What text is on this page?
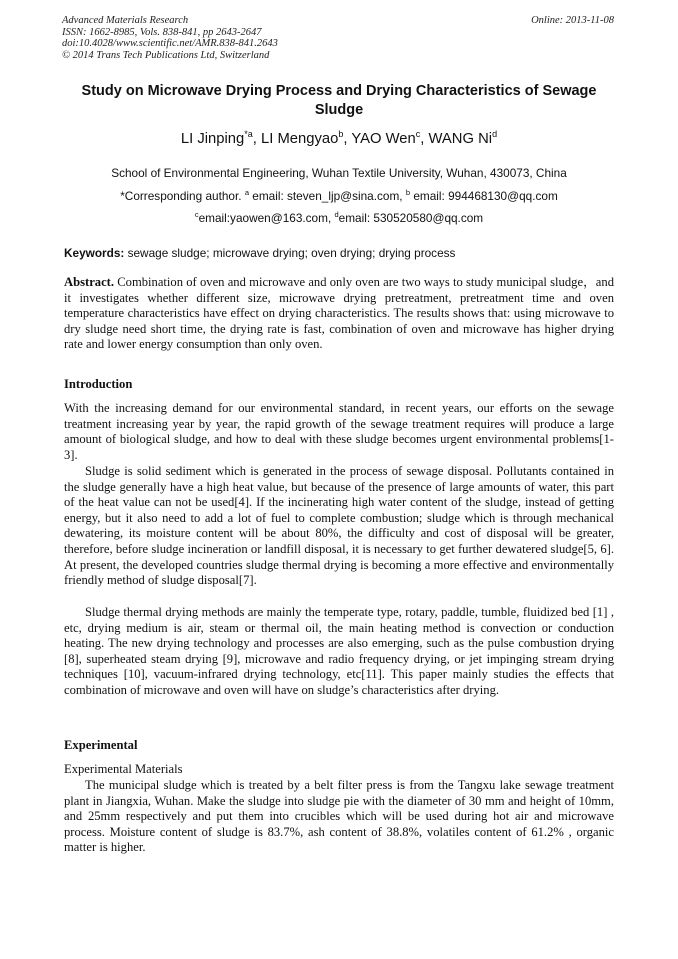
Advanced Materials Research
ISSN: 1662-8985, Vols. 838-841, pp 2643-2647
doi:10.4028/www.scientific.net/AMR.838-841.2643
© 2014 Trans Tech Publications Ltd, Switzerland
Online: 2013-11-08
Study on Microwave Drying Process and Drying Characteristics of Sewage Sludge
LI Jinping$^{*a}$, LI Mengyao$^b$, YAO Wen$^c$, WANG Ni$^d$
School of Environmental Engineering, Wuhan Textile University, Wuhan, 430073, China
*Corresponding author. $^a$ email: steven_ljp@sina.com, $^b$ email: 994468130@qq.com
$^c$email:yaowen@163.com, $^d$email: 530520580@qq.com
Keywords: sewage sludge; microwave drying; oven drying; drying process

Abstract. Combination of oven and microwave and only oven are two ways to study municipal sludge，and it investigates whether different size, microwave drying pretreatment, pretreatment time and oven temperature characteristics have effect on drying characteristics. The results shows that: using microwave to dry sludge need short time, the drying rate is fast, combination of oven and microwave has higher drying rate and lower energy consumption than only oven.

Introduction

With the increasing demand for our environmental standard, in recent years, our efforts on the sewage treatment increasing year by year, the rapid growth of the sewage treatment requires will produce a large amount of biological sludge, and how to deal with these sludge becomes urgent environmental problems[1-3].

Sludge is solid sediment which is generated in the process of sewage disposal. Pollutants contained in the sludge generally have a high heat value, but because of the presence of large amounts of water, this part of the heat value can not be used[4]. If the incinerating high water content of the sludge, instead of getting energy, but it also need to add a lot of fuel to complete combustion; sludge which is through mechanical dewatering, its moisture content will be about 80%, the difficulty and cost of disposal will be greater, therefore, before sludge incineration or landfill disposal, it is necessary to get further dewatered sludge[5, 6]. At present, the developed countries sludge thermal drying is becoming a more effective and environmentally friendly method of sludge disposal[7].

Sludge thermal drying methods are mainly the temperate type, rotary, paddle, tumble, fluidized bed [1] , etc, drying medium is air, steam or thermal oil, the main heating method is convection or conduction heating. The new drying technology and processes are also emerging, such as the pulse combustion drying [8], superheated steam drying [9], microwave and radio frequency drying, or jet impinging stream drying techniques [10], vacuum-infrared drying technology, etc[11]. This paper mainly studies the effects that combination of microwave and oven will have on sludge’s characteristics after drying.

Experimental
Experimental Materials

The municipal sludge which is treated by a belt filter press is from the Tangxu lake sewage treatment plant in Jiangxia, Wuhan. Make the sludge into sludge pie with the diameter of 30 mm and height of 10mm, and 25mm respectively and put them into crucibles which will be used during hot air and microwave process. Moisture content of sludge is 83.7%, ash content of 38.8%, volatiles content of 61.2% , organic matter is higher.
